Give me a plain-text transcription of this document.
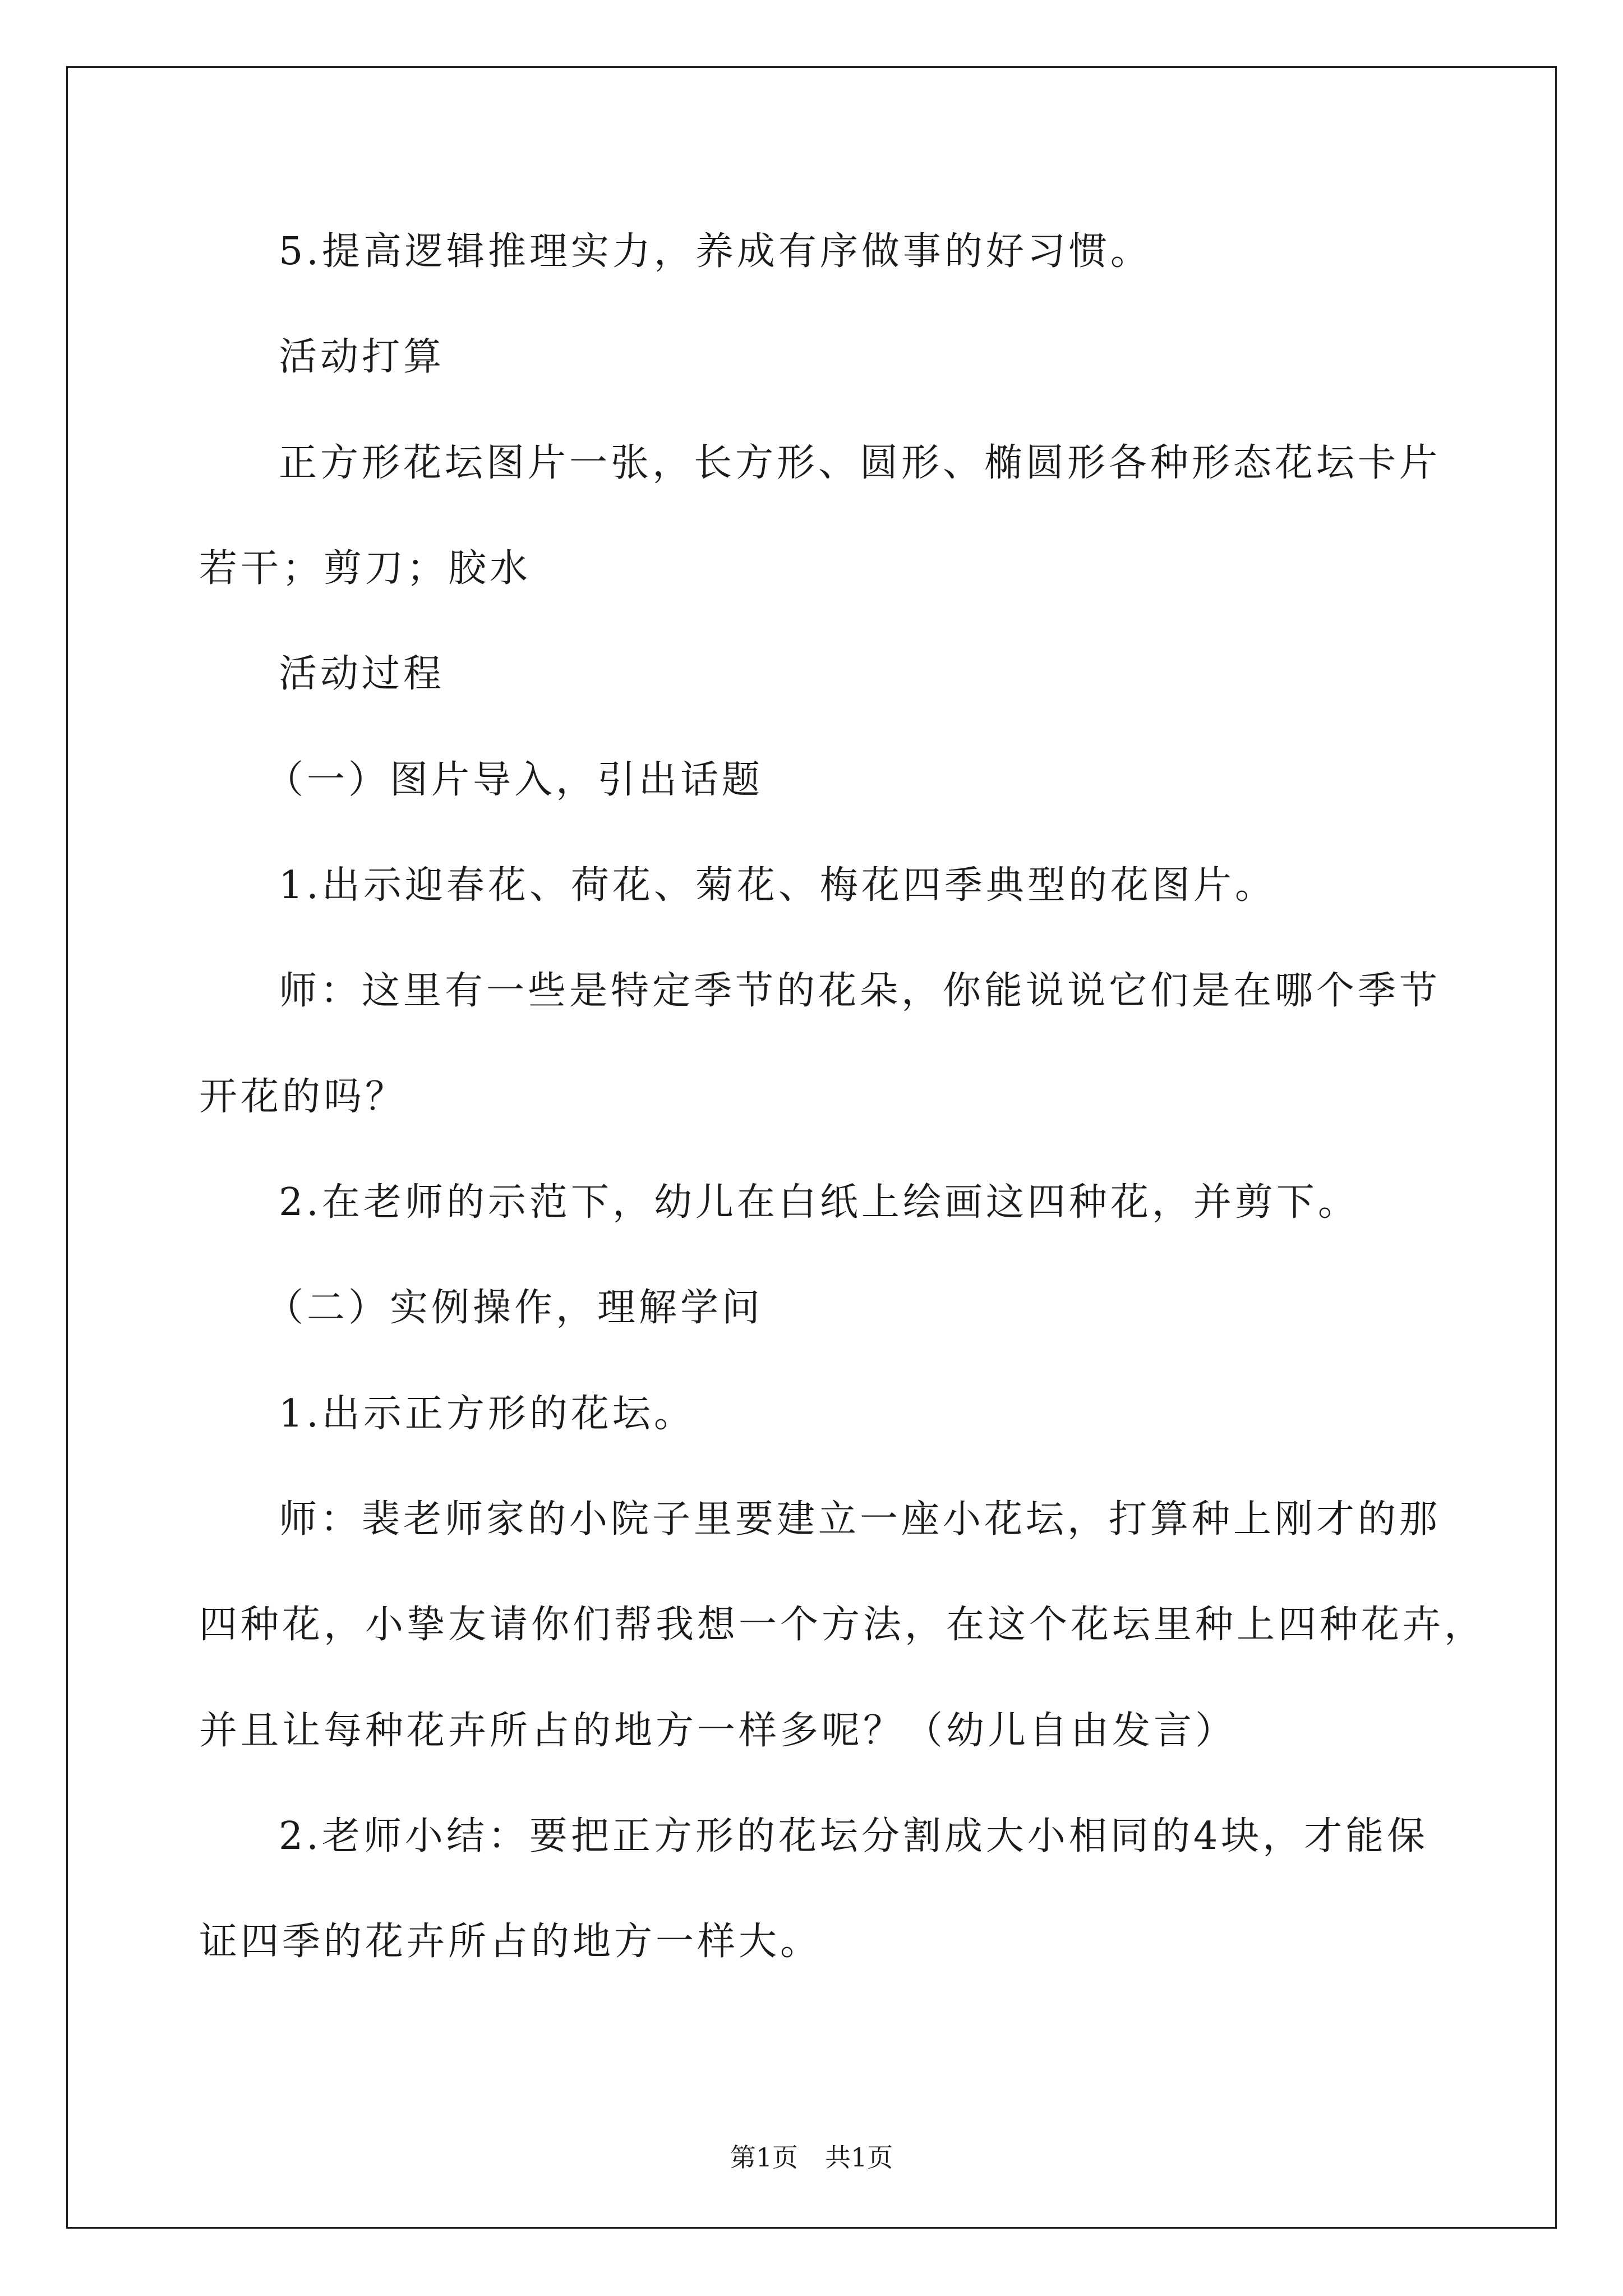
5.提高逻辑推理实力，养成有序做事的好习惯。
活动打算
正方形花坛图片一张，长方形、圆形、椭圆形各种形态花坛卡片
若干；剪刀；胶水
活动过程
（一）图片导入，引出话题
1.出示迎春花、荷花、菊花、梅花四季典型的花图片。
师：这里有一些是特定季节的花朵，你能说说它们是在哪个季节
开花的吗？
2.在老师的示范下，幼儿在白纸上绘画这四种花，并剪下。
（二）实例操作，理解学问
1.出示正方形的花坛。
师：裴老师家的小院子里要建立一座小花坛，打算种上刚才的那
四种花，小挚友请你们帮我想一个方法，在这个花坛里种上四种花卉，
并且让每种花卉所占的地方一样多呢？（幼儿自由发言）
2.老师小结：要把正方形的花坛分割成大小相同的4块，才能保
证四季的花卉所占的地方一样大。
第1页 共1页
